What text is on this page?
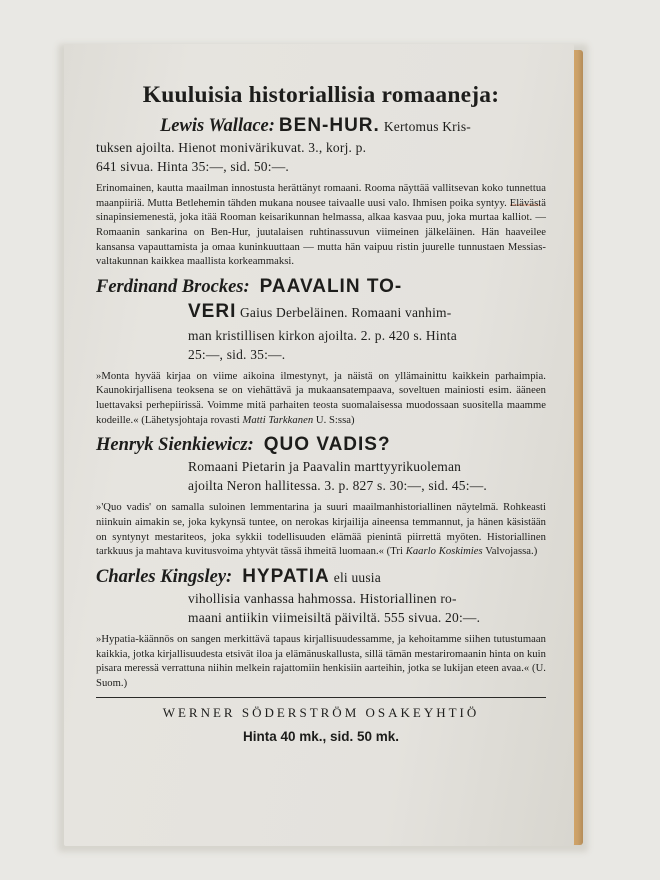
Kuuluisia historiallisia romaaneja:
Lewis Wallace: BEN-HUR. Kertomus Kris-
tuksen ajoilta. Hienot monivärikuvat. 3., korj. p.
641 sivua. Hinta 35:—, sid. 50:—.
Erinomainen, kautta maailman innostusta herättänyt romaani. Rooma näyttää vallitsevan koko tunnettua maanpiiriä. Mutta Betlehemin tähden mukana nousee taivaalle uusi valo. Ihmisen poika syntyy. Elävästä sinapinsiemenestä, joka itää Rooman keisarikunnan helmassa, alkaa kasvaa puu, joka murtaa kalliot. — Romaanin sankarina on Ben-Hur, juutalaisen ruhtinassuvun viimeinen jälkeläinen. Hän haaveilee kansansa vapauttamista ja omaa kuninkuuttaan — mutta hän vaipuu ristin juurelle tunnustaen Messias-valtakunnan kaikkea maallista korkeammaksi.
Ferdinand Brockes: PAAVALIN TO-
VERI Gaius Derbeläinen. Romaani vanhim-
man kristillisen kirkon ajoilta. 2. p. 420 s. Hinta
25:—, sid. 35:—.
»Monta hyvää kirjaa on viime aikoina ilmestynyt, ja näistä on yllämainittu kaikkein parhaimpia. Kaunokirjallisena teoksena se on viehättävä ja mukaansatempaava, soveltuen mainiosti esim. ääneen luettavaksi perhepiirissä. Voimme mitä parhaiten teosta suomalaisessa muodossaan suositella maamme kodeille.« (Lähetysjohtaja rovasti Matti Tarkkanen U. S:ssa)
Henryk Sienkiewicz: QUO VADIS?
Romaani Pietarin ja Paavalin marttyyrikuoleman
ajoilta Neron hallitessa. 3. p. 827 s. 30:—, sid. 45:—.
»'Quo vadis' on samalla suloinen lemmentarina ja suuri maailmanhistoriallinen näytelmä. Rohkeasti niinkuin aimakin se, joka kykynsä tuntee, on nerokas kirjailija aineensa temmannut, ja hänen käsistään on syntynyt mestariteos, joka sykkii todellisuuden elämää pienintä piirrettä myöten. Historiallinen tarkkuus ja mahtava kuvitusvoima yhtyvät tässä ihmeitä luomaan.« (Tri Kaarlo Koskimies Valvojassa.)
Charles Kingsley: HYPATIA eli uusia
vihollisia vanhassa hahmossa. Historiallinen ro-
maani antiikin viimeisiltä päiviltä. 555 sivua. 20:—.
»Hypatia-käännös on sangen merkittävä tapaus kirjallisuudessamme, ja kehoitamme siihen tutustumaan kaikkia, jotka kirjallisuudesta etsivät iloa ja elämänuskallusta, sillä tämän mestariromaanin hinta on kuin pisara meressä verrattuna niihin melkein rajattomiin henkisiin aarteihin, jotka se lukijan eteen avaa.« (U. Suom.)
WERNER SÖDERSTRÖM OSAKEYHTIÖ
Hinta 40 mk., sid. 50 mk.
